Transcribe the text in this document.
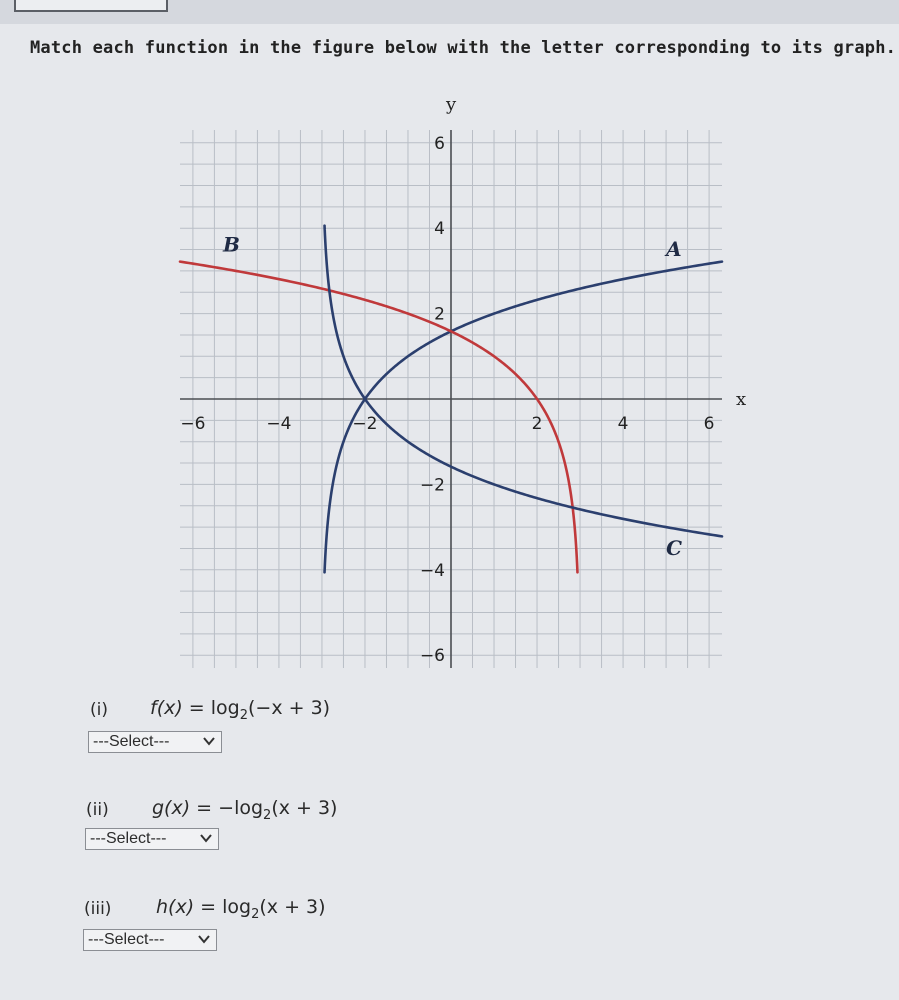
Match each function in the figure below with the letter corresponding to its graph.
x
y
−6	−4	−2	2	4	6
6
4
2
−2
−4
−6
A
B
C
(i) $f(x) = \log_2(-x + 3)$
---Select---
(ii) $g(x) = -\log_2(x + 3)$
---Select---
(iii) $h(x) = \log_2(x + 3)$
---Select---
